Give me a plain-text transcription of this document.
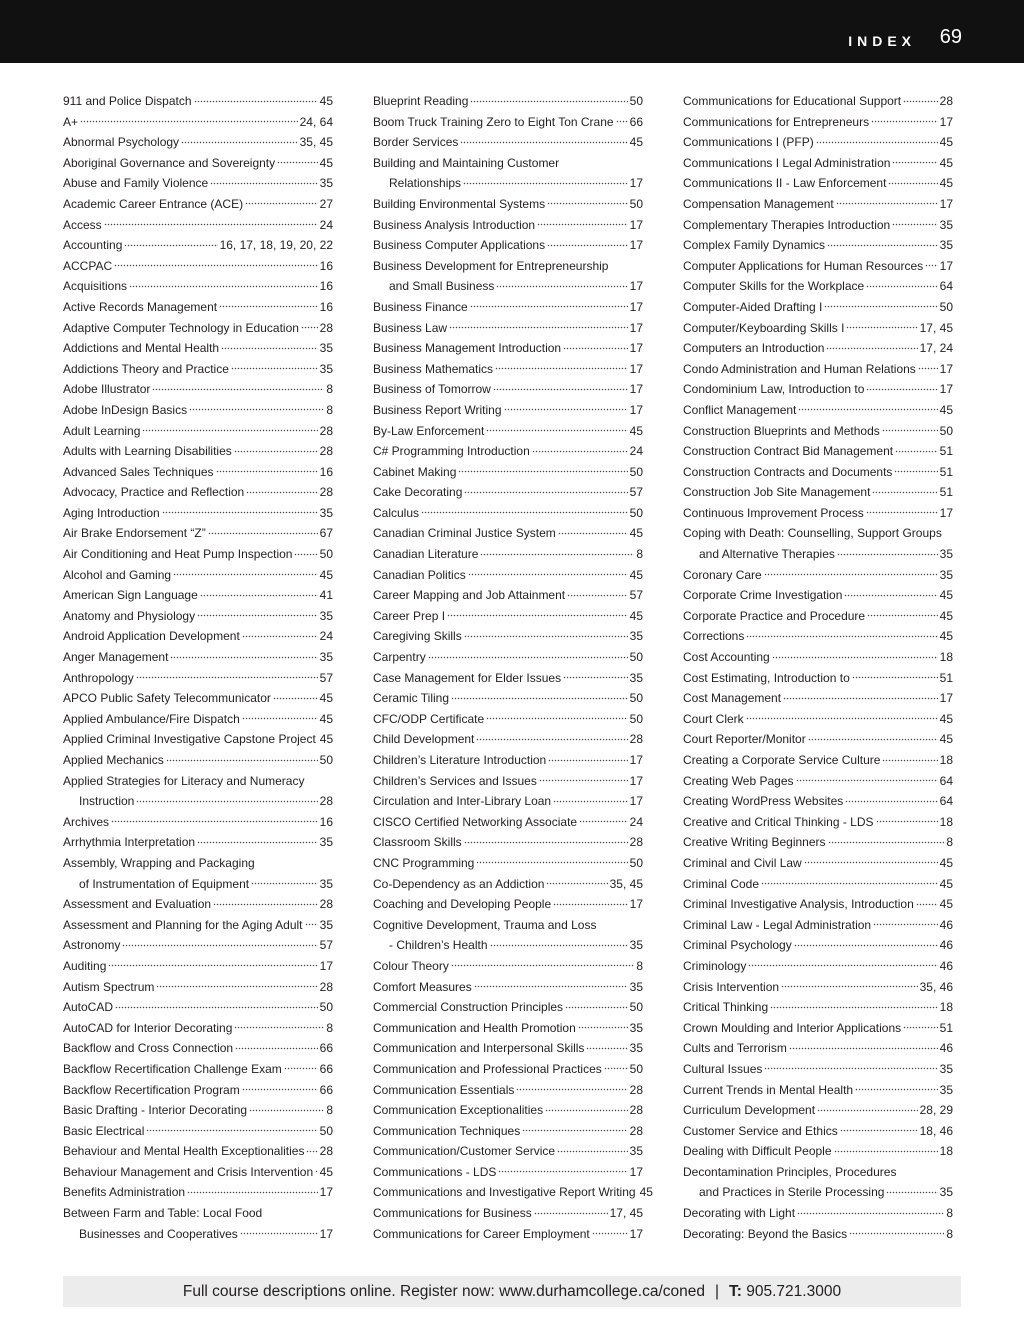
INDEX 69
911 and Police Dispatch	45
A+	24, 64
Abnormal Psychology	35, 45
Aboriginal Governance and Sovereignty	45
Abuse and Family Violence	35
Academic Career Entrance (ACE)	27
Access	24
Accounting	16, 17, 18, 19, 20, 22
ACCPAC	16
Acquisitions	16
Active Records Management	16
Adaptive Computer Technology in Education 28
Addictions and Mental Health	35
Addictions Theory and Practice	35
Adobe Illustrator	8
Adobe InDesign Basics	8
Adult Learning	28
Adults with Learning Disabilities	28
Advanced Sales Techniques	16
Advocacy, Practice and Reflection	28
Aging Introduction	35
Air Brake Endorsement “Z”	67
Air Conditioning and Heat Pump Inspection 50
Alcohol and Gaming	45
American Sign Language	41
Anatomy and Physiology	35
Android Application Development	24
Anger Management	35
Anthropology	57
APCO Public Safety Telecommunicator	45
Applied Ambulance/Fire Dispatch	45
Applied Criminal Investigative Capstone Project 45
Applied Mechanics	50
Applied Strategies for Literacy and Numeracy
Instruction	28
Archives	16
Arrhythmia Interpretation	35
Assembly, Wrapping and Packaging
of Instrumentation of Equipment	35
Assessment and Evaluation	28
Assessment and Planning for the Aging Adult 35
Astronomy	57
Auditing	17
Autism Spectrum	28
AutoCAD	50
AutoCAD for Interior Decorating	8
Backflow and Cross Connection	66
Backflow Recertification Challenge Exam	66
Backflow Recertification Program	66
Basic Drafting - Interior Decorating	8
Basic Electrical	50
Behaviour and Mental Health Exceptionalities 28
Behaviour Management and Crisis Intervention 45
Benefits Administration	17
Between Farm and Table: Local Food
Businesses and Cooperatives	17
Blueprint Reading	50
Boom Truck Training Zero to Eight Ton Crane 66
Border Services	45
Building and Maintaining Customer
Relationships	17
Building Environmental Systems	50
Business Analysis Introduction	17
Business Computer Applications	17
Business Development for Entrepreneurship
and Small Business	17
Business Finance	17
Business Law	17
Business Management Introduction	17
Business Mathematics	17
Business of Tomorrow	17
Business Report Writing	17
By-Law Enforcement	45
C# Programming Introduction	24
Cabinet Making	50
Cake Decorating	57
Calculus	50
Canadian Criminal Justice System	45
Canadian Literature	8
Canadian Politics	45
Career Mapping and Job Attainment	57
Career Prep I	45
Caregiving Skills	35
Carpentry	50
Case Management for Elder Issues	35
Ceramic Tiling	50
CFC/ODP Certificate	50
Child Development	28
Children’s Literature Introduction	17
Children’s Services and Issues	17
Circulation and Inter-Library Loan	17
CISCO Certified Networking Associate	24
Classroom Skills	28
CNC Programming	50
Co-Dependency as an Addiction	35, 45
Coaching and Developing People	17
Cognitive Development, Trauma and Loss
- Children’s Health	35
Colour Theory	8
Comfort Measures	35
Commercial Construction Principles	50
Communication and Health Promotion	35
Communication and Interpersonal Skills	35
Communication and Professional Practices 50
Communication Essentials	28
Communication Exceptionalities	28
Communication Techniques	28
Communication/Customer Service	35
Communications - LDS	17
Communications and Investigative Report Writing 45
Communications for Business	17, 45
Communications for Career Employment	17
Communications for Educational Support	28
Communications for Entrepreneurs	17
Communications I (PFP)	45
Communications I Legal Administration	45
Communications II - Law Enforcement	45
Compensation Management	17
Complementary Therapies Introduction	35
Complex Family Dynamics	35
Computer Applications for Human Resources 17
Computer Skills for the Workplace	64
Computer-Aided Drafting I	50
Computer/Keyboarding Skills I	17, 45
Computers an Introduction	17, 24
Condo Administration and Human Relations 17
Condominium Law, Introduction to	17
Conflict Management	45
Construction Blueprints and Methods	50
Construction Contract Bid Management	51
Construction Contracts and Documents	51
Construction Job Site Management	51
Continuous Improvement Process	17
Coping with Death: Counselling, Support Groups
and Alternative Therapies	35
Coronary Care	35
Corporate Crime Investigation	45
Corporate Practice and Procedure	45
Corrections	45
Cost Accounting	18
Cost Estimating, Introduction to	51
Cost Management	17
Court Clerk	45
Court Reporter/Monitor	45
Creating a Corporate Service Culture	18
Creating Web Pages	64
Creating WordPress Websites	64
Creative and Critical Thinking - LDS	18
Creative Writing Beginners	8
Criminal and Civil Law	45
Criminal Code	45
Criminal Investigative Analysis, Introduction 45
Criminal Law - Legal Administration	46
Criminal Psychology	46
Criminology	46
Crisis Intervention	35, 46
Critical Thinking	18
Crown Moulding and Interior Applications	51
Cults and Terrorism	46
Cultural Issues	35
Current Trends in Mental Health	35
Curriculum Development	28, 29
Customer Service and Ethics	18, 46
Dealing with Difficult People	18
Decontamination Principles, Procedures
and Practices in Sterile Processing	35
Decorating with Light	8
Decorating: Beyond the Basics	8
Full course descriptions online. Register now: www.durhamcollege.ca/coned | T: 905.721.3000
